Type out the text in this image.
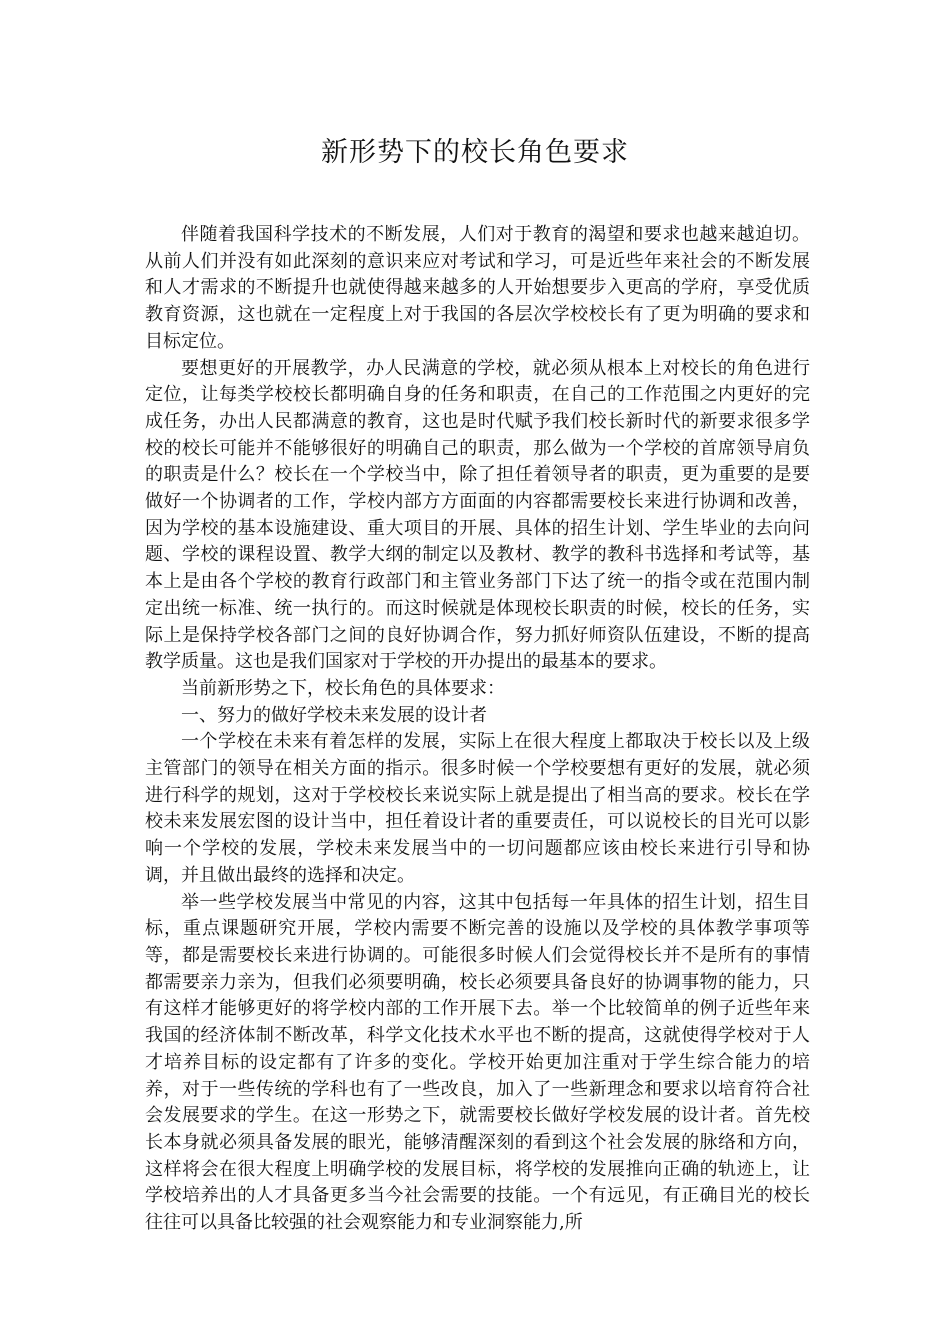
新形势下的校长角色要求

伴随着我国科学技术的不断发展，人们对于教育的渴望和要求也越来越迫切。从前人们并没有如此深刻的意识来应对考试和学习，可是近些年来社会的不断发展和人才需求的不断提升也就使得越来越多的人开始想要步入更高的学府，享受优质教育资源，这也就在一定程度上对于我国的各层次学校校长有了更为明确的要求和目标定位。

要想更好的开展教学，办人民满意的学校，就必须从根本上对校长的角色进行定位，让每类学校校长都明确自身的任务和职责，在自己的工作范围之内更好的完成任务，办出人民都满意的教育，这也是时代赋予我们校长新时代的新要求很多学校的校长可能并不能够很好的明确自己的职责，那么做为一个学校的首席领导肩负的职责是什么？校长在一个学校当中，除了担任着领导者的职责，更为重要的是要做好一个协调者的工作，学校内部方方面面的内容都需要校长来进行协调和改善，因为学校的基本设施建设、重大项目的开展、具体的招生计划、学生毕业的去向问题、学校的课程设置、教学大纲的制定以及教材、教学的教科书选择和考试等，基本上是由各个学校的教育行政部门和主管业务部门下达了统一的指令或在范围内制定出统一标准、统一执行的。而这时候就是体现校长职责的时候，校长的任务，实际上是保持学校各部门之间的良好协调合作，努力抓好师资队伍建设，不断的提高教学质量。这也是我们国家对于学校的开办提出的最基本的要求。

当前新形势之下，校长角色的具体要求：

一、努力的做好学校未来发展的设计者

一个学校在未来有着怎样的发展，实际上在很大程度上都取决于校长以及上级主管部门的领导在相关方面的指示。很多时候一个学校要想有更好的发展，就必须进行科学的规划，这对于学校校长来说实际上就是提出了相当高的要求。校长在学校未来发展宏图的设计当中，担任着设计者的重要责任，可以说校长的目光可以影响一个学校的发展，学校未来发展当中的一切问题都应该由校长来进行引导和协调，并且做出最终的选择和决定。

举一些学校发展当中常见的内容，这其中包括每一年具体的招生计划，招生目标，重点课题研究开展，学校内需要不断完善的设施以及学校的具体教学事项等等，都是需要校长来进行协调的。可能很多时候人们会觉得校长并不是所有的事情都需要亲力亲为，但我们必须要明确，校长必须要具备良好的协调事物的能力，只有这样才能够更好的将学校内部的工作开展下去。举一个比较简单的例子近些年来我国的经济体制不断改革，科学文化技术水平也不断的提高，这就使得学校对于人才培养目标的设定都有了许多的变化。学校开始更加注重对于学生综合能力的培养，对于一些传统的学科也有了一些改良，加入了一些新理念和要求以培育符合社会发展要求的学生。在这一形势之下，就需要校长做好学校发展的设计者。首先校长本身就必须具备发展的眼光，能够清醒深刻的看到这个社会发展的脉络和方向，这样将会在很大程度上明确学校的发展目标，将学校的发展推向正确的轨迹上，让学校培养出的人才具备更多当今社会需要的技能。一个有远见，有正确目光的校长往往可以具备比较强的社会观察能力和专业洞察能力,所
